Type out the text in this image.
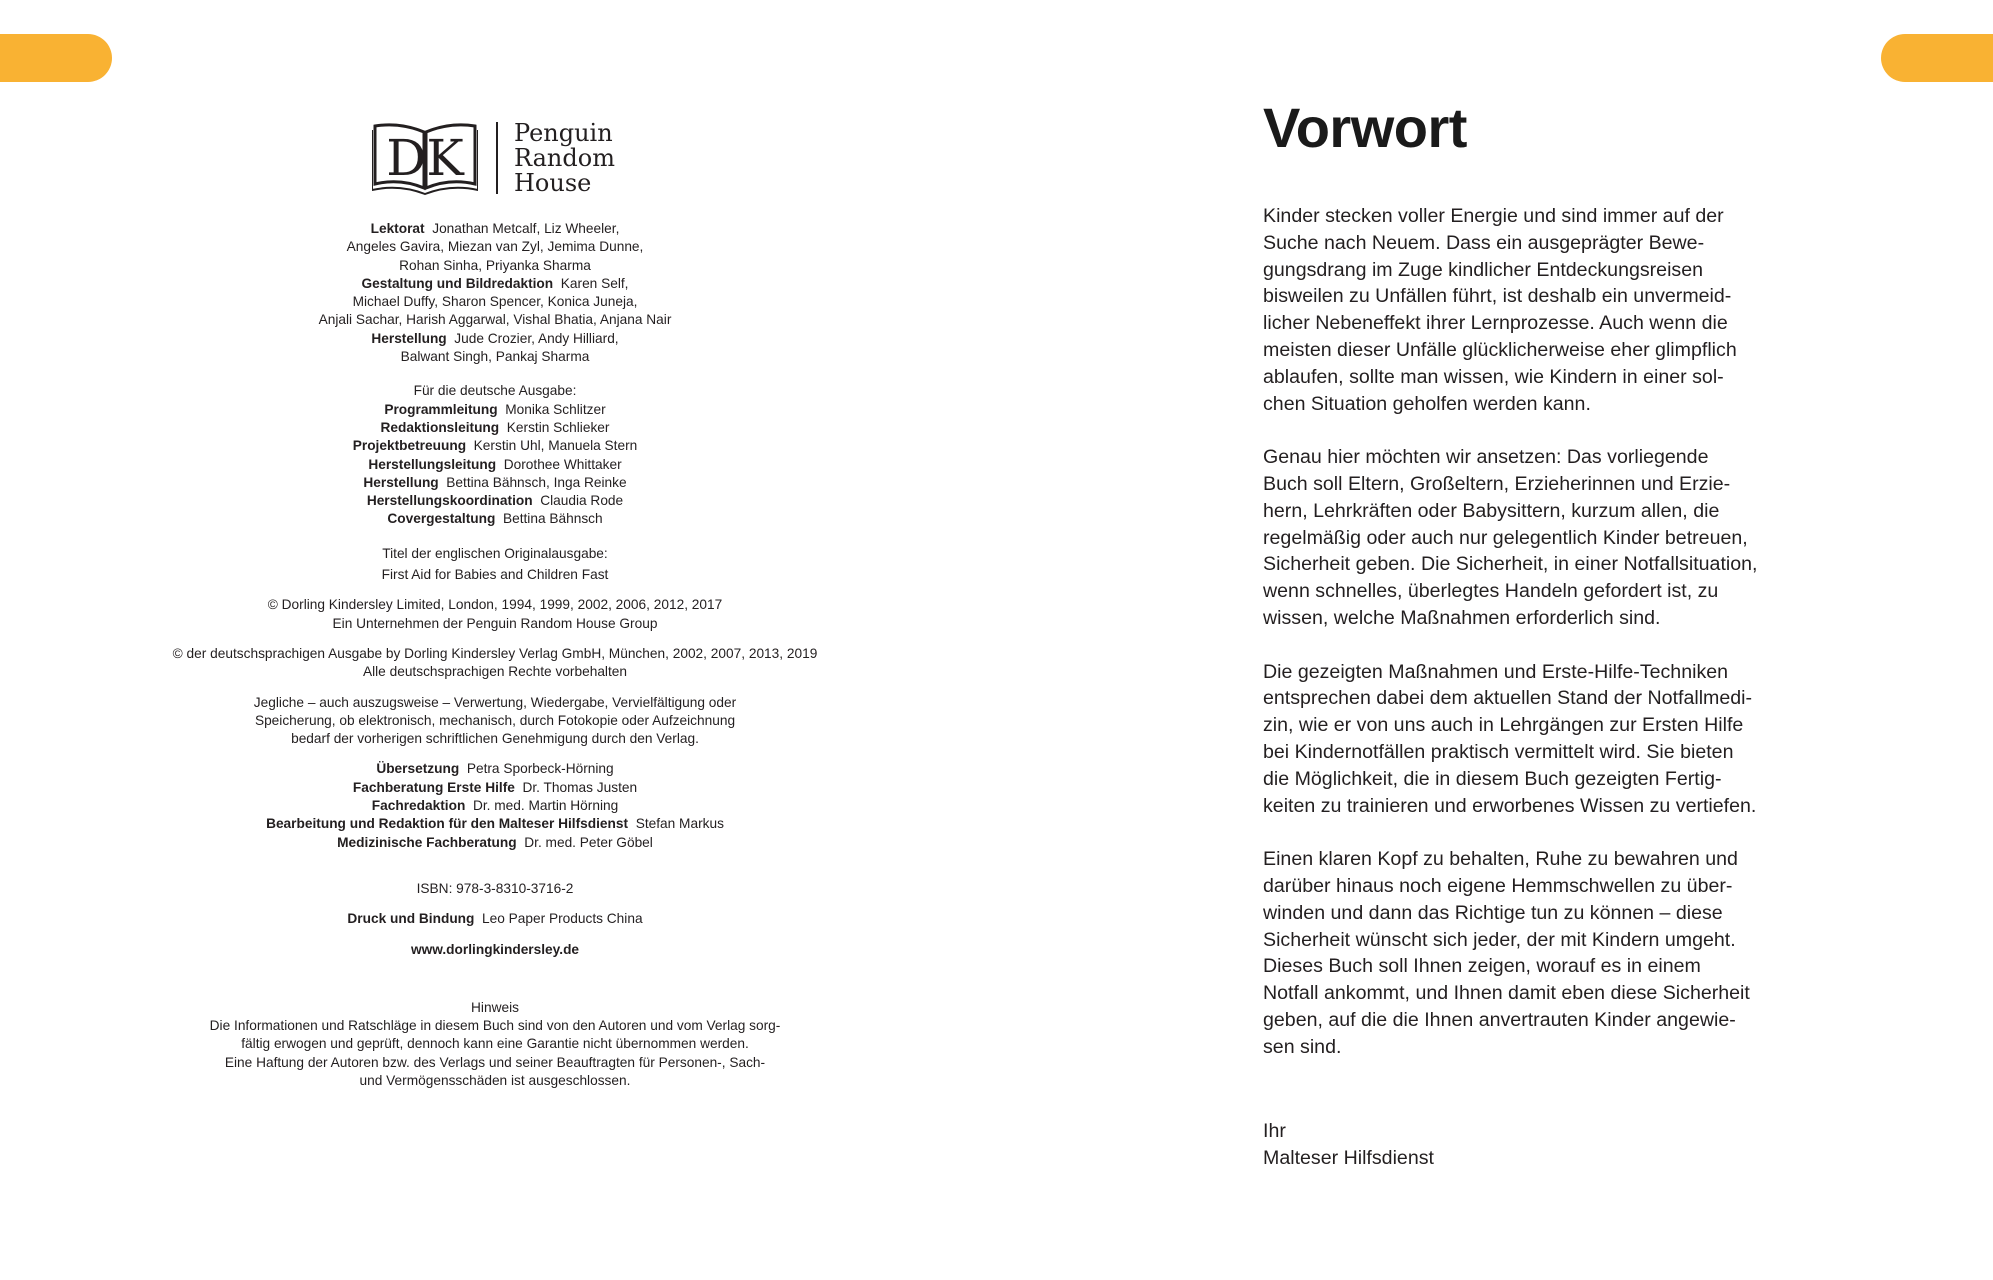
DK Penguin
Random
House
Lektorat Jonathan Metcalf, Liz Wheeler,
Angeles Gavira, Miezan van Zyl, Jemima Dunne,
Rohan Sinha, Priyanka Sharma
Gestaltung und Bildredaktion Karen Self,
Michael Duffy, Sharon Spencer, Konica Juneja,
Anjali Sachar, Harish Aggarwal, Vishal Bhatia, Anjana Nair
Herstellung Jude Crozier, Andy Hilliard,
Balwant Singh, Pankaj Sharma
Für die deutsche Ausgabe:
Programmleitung Monika Schlitzer
Redaktionsleitung Kerstin Schlieker
Projektbetreuung Kerstin Uhl, Manuela Stern
Herstellungsleitung Dorothee Whittaker
Herstellung Bettina Bähnsch, Inga Reinke
Herstellungskoordination Claudia Rode
Covergestaltung Bettina Bähnsch
Titel der englischen Originalausgabe:
First Aid for Babies and Children Fast
© Dorling Kindersley Limited, London, 1994, 1999, 2002, 2006, 2012, 2017
Ein Unternehmen der Penguin Random House Group
© der deutschsprachigen Ausgabe by Dorling Kindersley Verlag GmbH, München, 2002, 2007, 2013, 2019
Alle deutschsprachigen Rechte vorbehalten
Jegliche – auch auszugsweise – Verwertung, Wiedergabe, Vervielfältigung oder
Speicherung, ob elektronisch, mechanisch, durch Fotokopie oder Aufzeichnung
bedarf der vorherigen schriftlichen Genehmigung durch den Verlag.
Übersetzung Petra Sporbeck-Hörning
Fachberatung Erste Hilfe Dr. Thomas Justen
Fachredaktion Dr. med. Martin Hörning
Bearbeitung und Redaktion für den Malteser Hilfsdienst Stefan Markus
Medizinische Fachberatung Dr. med. Peter Göbel
ISBN: 978-3-8310-3716-2
Druck und Bindung Leo Paper Products China
www.dorlingkindersley.de
Hinweis
Die Informationen und Ratschläge in diesem Buch sind von den Autoren und vom Verlag sorg-
fältig erwogen und geprüft, dennoch kann eine Garantie nicht übernommen werden.
Eine Haftung der Autoren bzw. des Verlags und seiner Beauftragten für Personen-, Sach-
und Vermögensschäden ist ausgeschlossen.
Vorwort

Kinder stecken voller Energie und sind immer auf der
Suche nach Neuem. Dass ein ausgeprägter Bewe-
gungsdrang im Zuge kindlicher Entdeckungsreisen
bisweilen zu Unfällen führt, ist deshalb ein unvermeid-
licher Nebeneffekt ihrer Lernprozesse. Auch wenn die
meisten dieser Unfälle glücklicherweise eher glimpflich
ablaufen, sollte man wissen, wie Kindern in einer sol-
chen Situation geholfen werden kann.

Genau hier möchten wir ansetzen: Das vorliegende
Buch soll Eltern, Großeltern, Erzieherinnen und Erzie-
hern, Lehrkräften oder Babysittern, kurzum allen, die
regelmäßig oder auch nur gelegentlich Kinder betreuen,
Sicherheit geben. Die Sicherheit, in einer Notfallsituation,
wenn schnelles, überlegtes Handeln gefordert ist, zu
wissen, welche Maßnahmen erforderlich sind.

Die gezeigten Maßnahmen und Erste-Hilfe-Techniken
entsprechen dabei dem aktuellen Stand der Notfallmedi-
zin, wie er von uns auch in Lehrgängen zur Ersten Hilfe
bei Kindernotfällen praktisch vermittelt wird. Sie bieten
die Möglichkeit, die in diesem Buch gezeigten Fertig-
keiten zu trainieren und erworbenes Wissen zu vertiefen.

Einen klaren Kopf zu behalten, Ruhe zu bewahren und
darüber hinaus noch eigene Hemmschwellen zu über-
winden und dann das Richtige tun zu können – diese
Sicherheit wünscht sich jeder, der mit Kindern umgeht.
Dieses Buch soll Ihnen zeigen, worauf es in einem
Notfall ankommt, und Ihnen damit eben diese Sicherheit
geben, auf die die Ihnen anvertrauten Kinder angewie-
sen sind.

Ihr
Malteser Hilfsdienst
